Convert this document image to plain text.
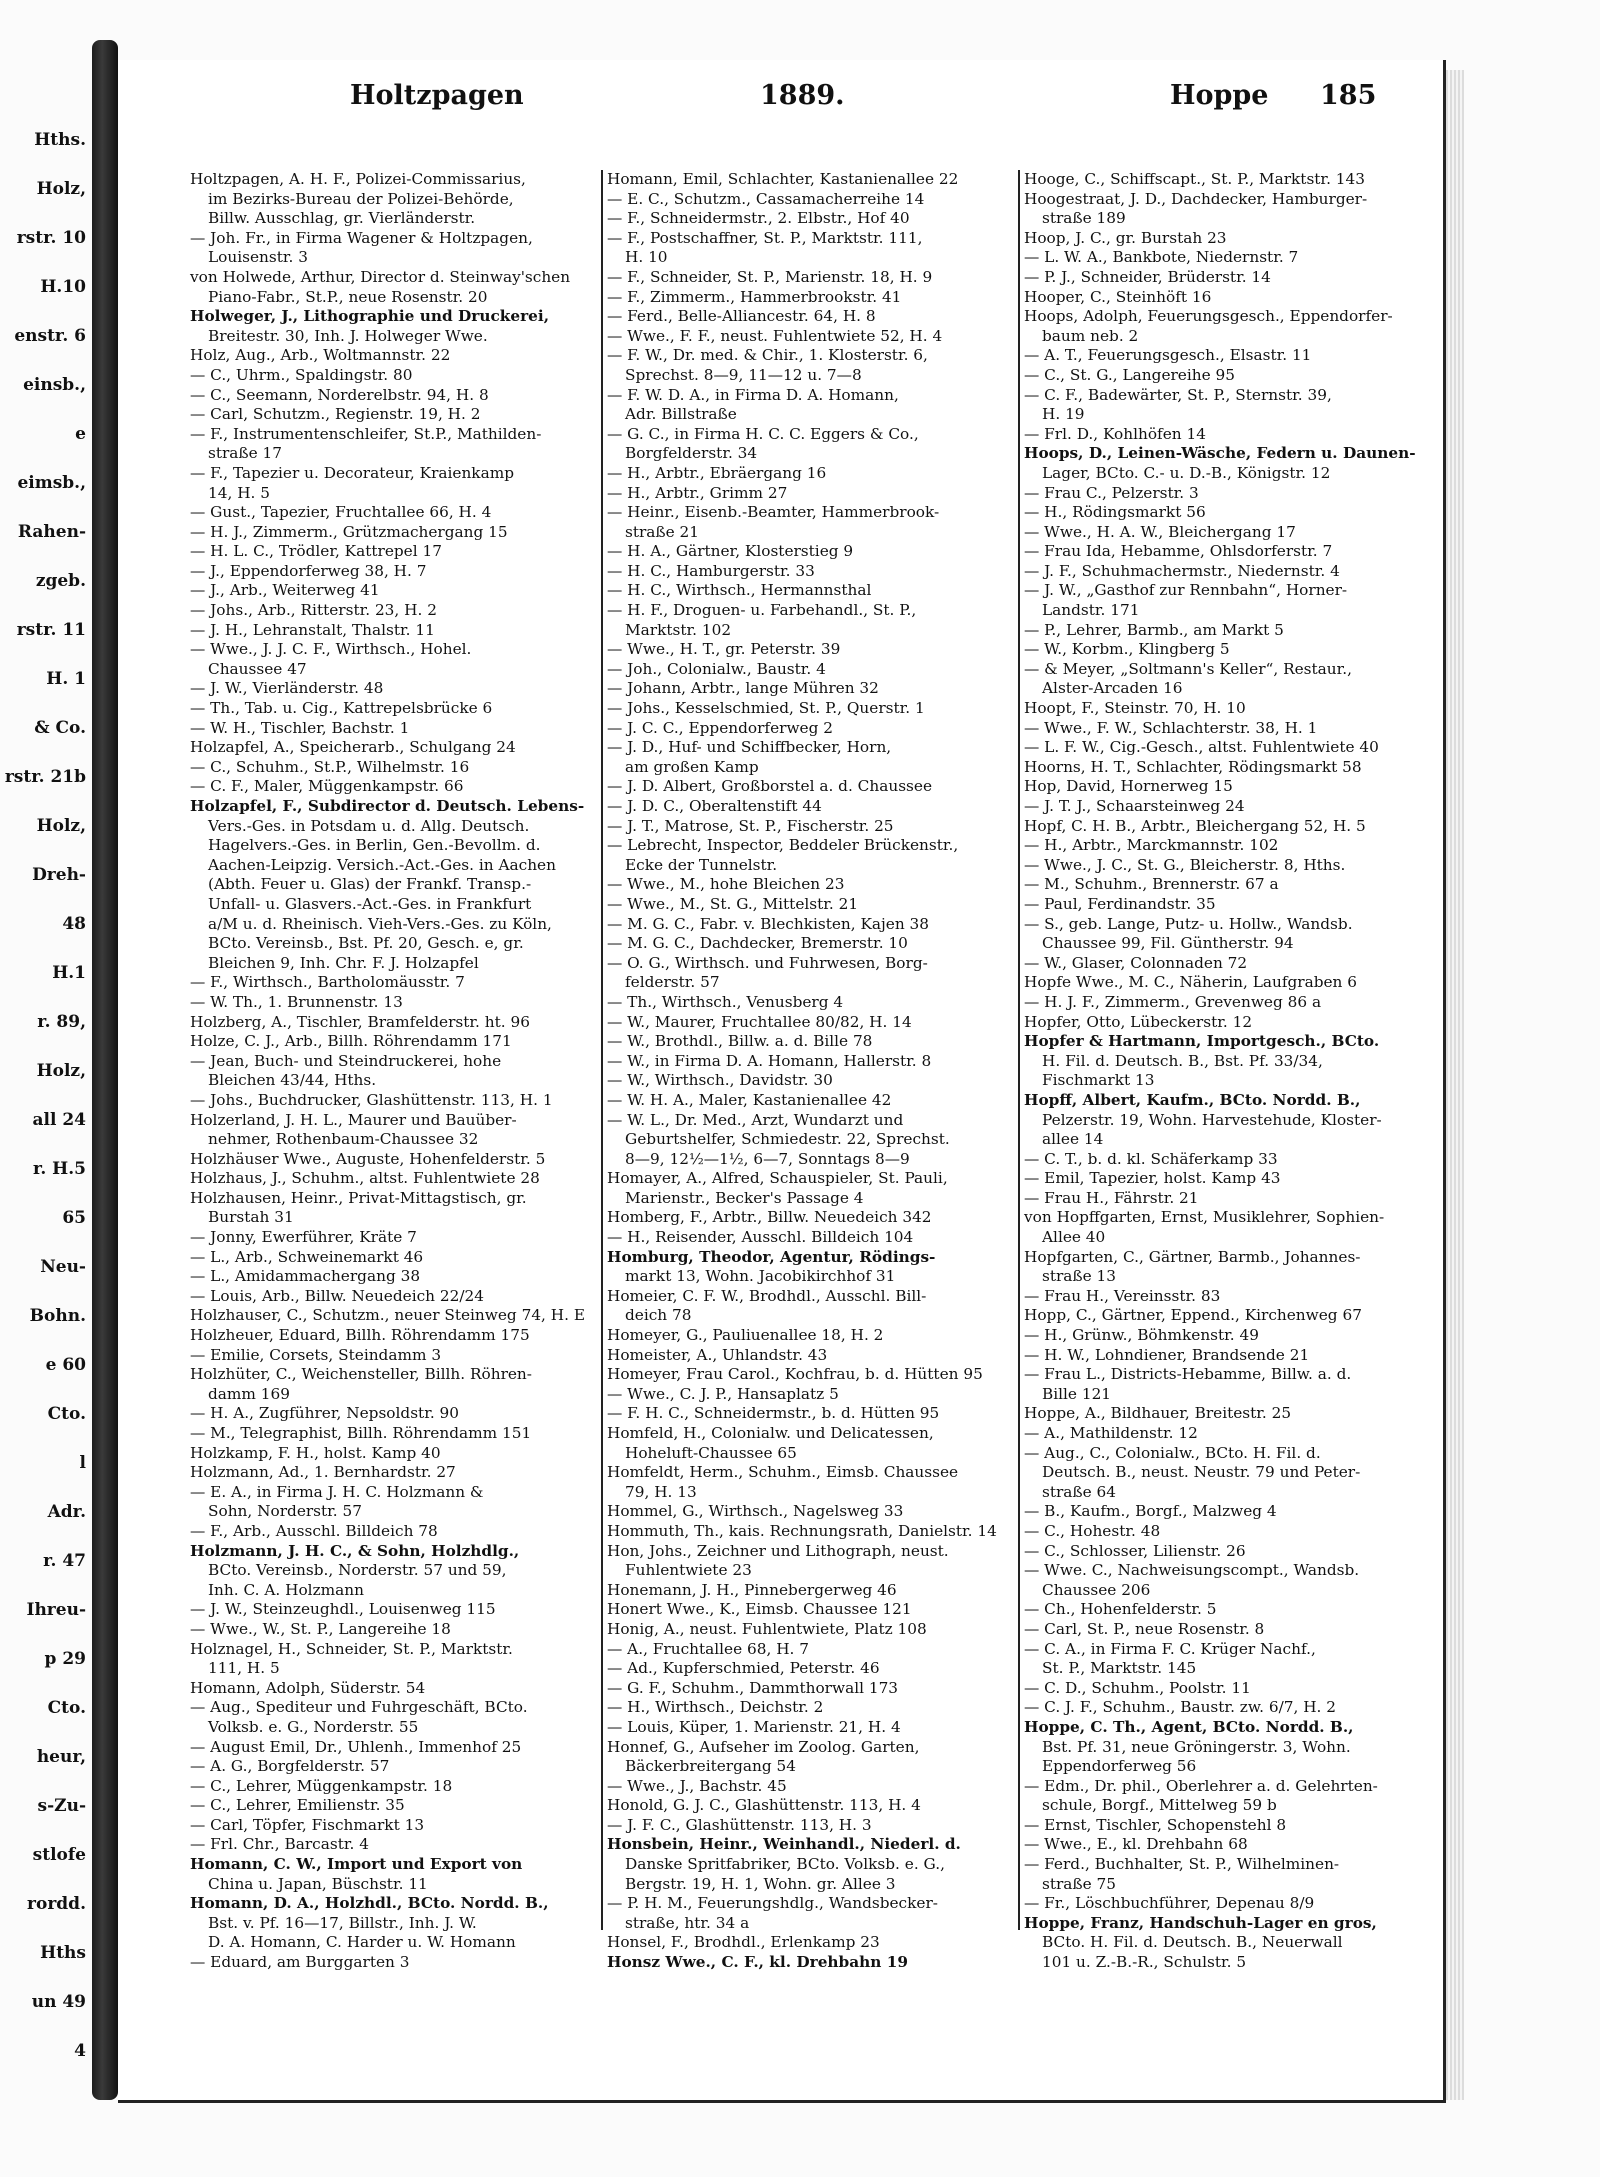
Hths.
Holz,
rstr. 10
H.10
enstr. 6
einsb.,
e
eimsb.,
Rahen-
zgeb.
rstr. 11
H. 1
& Co.
rstr. 21b
Holz,
Dreh-
48
H.1
r. 89,
Holz,
all 24
r. H.5
65
Neu-
Bohn.
e 60
Cto.
l
Adr.
r. 47
Ihreu-
p 29
Cto.
heur,
s-Zu-
stlofe
rordd.
Hths
un 49
4
Holtzpagen	1889.	Hoppe 185
Holtzpagen, A. H. F., Polizei-Commissarius,
im Bezirks-Bureau der Polizei-Behörde,
Billw. Ausschlag, gr. Vierländerstr.
— Joh. Fr., in Firma Wagener & Holtzpagen,
Louisenstr. 3
von Holwede, Arthur, Director d. Steinway'schen
Piano-Fabr., St.P., neue Rosenstr. 20
Holweger, J., Lithographie und Druckerei,
Breitestr. 30, Inh. J. Holweger Wwe.
Holz, Aug., Arb., Woltmannstr. 22
— C., Uhrm., Spaldingstr. 80
— C., Seemann, Norderelbstr. 94, H. 8
— Carl, Schutzm., Regienstr. 19, H. 2
— F., Instrumentenschleifer, St.P., Mathilden-
straße 17
— F., Tapezier u. Decorateur, Kraienkamp
14, H. 5
— Gust., Tapezier, Fruchtallee 66, H. 4
— H. J., Zimmerm., Grützmachergang 15
— H. L. C., Trödler, Kattrepel 17
— J., Eppendorferweg 38, H. 7
— J., Arb., Weiterweg 41
— Johs., Arb., Ritterstr. 23, H. 2
— J. H., Lehranstalt, Thalstr. 11
— Wwe., J. J. C. F., Wirthsch., Hohel.
Chaussee 47
— J. W., Vierländerstr. 48
— Th., Tab. u. Cig., Kattrepelsbrücke 6
— W. H., Tischler, Bachstr. 1
Holzapfel, A., Speicherarb., Schulgang 24
— C., Schuhm., St.P., Wilhelmstr. 16
— C. F., Maler, Müggenkampstr. 66
Holzapfel, F., Subdirector d. Deutsch. Lebens-
Vers.-Ges. in Potsdam u. d. Allg. Deutsch.
Hagelvers.-Ges. in Berlin, Gen.-Bevollm. d.
Aachen-Leipzig. Versich.-Act.-Ges. in Aachen
(Abth. Feuer u. Glas) der Frankf. Transp.-
Unfall- u. Glasvers.-Act.-Ges. in Frankfurt
a/M u. d. Rheinisch. Vieh-Vers.-Ges. zu Köln,
BCto. Vereinsb., Bst. Pf. 20, Gesch. e, gr.
Bleichen 9, Inh. Chr. F. J. Holzapfel
— F., Wirthsch., Bartholomäusstr. 7
— W. Th., 1. Brunnenstr. 13
Holzberg, A., Tischler, Bramfelderstr. ht. 96
Holze, C. J., Arb., Billh. Röhrendamm 171
— Jean, Buch- und Steindruckerei, hohe
Bleichen 43/44, Hths.
— Johs., Buchdrucker, Glashüttenstr. 113, H. 1
Holzerland, J. H. L., Maurer und Bauüber-
nehmer, Rothenbaum-Chaussee 32
Holzhäuser Wwe., Auguste, Hohenfelderstr. 5
Holzhaus, J., Schuhm., altst. Fuhlentwiete 28
Holzhausen, Heinr., Privat-Mittagstisch, gr.
Burstah 31
— Jonny, Ewerführer, Kräte 7
— L., Arb., Schweinemarkt 46
— L., Amidammachergang 38
— Louis, Arb., Billw. Neuedeich 22/24
Holzhauser, C., Schutzm., neuer Steinweg 74, H. E
Holzheuer, Eduard, Billh. Röhrendamm 175
— Emilie, Corsets, Steindamm 3
Holzhüter, C., Weichensteller, Billh. Röhren-
damm 169
— H. A., Zugführer, Nepsoldstr. 90
— M., Telegraphist, Billh. Röhrendamm 151
Holzkamp, F. H., holst. Kamp 40
Holzmann, Ad., 1. Bernhardstr. 27
— E. A., in Firma J. H. C. Holzmann &
Sohn, Norderstr. 57
— F., Arb., Ausschl. Billdeich 78
Holzmann, J. H. C., & Sohn, Holzhdlg.,
BCto. Vereinsb., Norderstr. 57 und 59,
Inh. C. A. Holzmann
— J. W., Steinzeughdl., Louisenweg 115
— Wwe., W., St. P., Langereihe 18
Holznagel, H., Schneider, St. P., Marktstr.
111, H. 5
Homann, Adolph, Süderstr. 54
— Aug., Spediteur und Fuhrgeschäft, BCto.
Volksb. e. G., Norderstr. 55
— August Emil, Dr., Uhlenh., Immenhof 25
— A. G., Borgfelderstr. 57
— C., Lehrer, Müggenkampstr. 18
— C., Lehrer, Emilienstr. 35
— Carl, Töpfer, Fischmarkt 13
— Frl. Chr., Barcastr. 4
Homann, C. W., Import und Export von
China u. Japan, Büschstr. 11
Homann, D. A., Holzhdl., BCto. Nordd. B.,
Bst. v. Pf. 16—17, Billstr., Inh. J. W.
D. A. Homann, C. Harder u. W. Homann
— Eduard, am Burggarten 3
Homann, Emil, Schlachter, Kastanienallee 22
— E. C., Schutzm., Cassamacherreihe 14
— F., Schneidermstr., 2. Elbstr., Hof 40
— F., Postschaffner, St. P., Marktstr. 111,
H. 10
— F., Schneider, St. P., Marienstr. 18, H. 9
— F., Zimmerm., Hammerbrookstr. 41
— Ferd., Belle-Alliancestr. 64, H. 8
— Wwe., F. F., neust. Fuhlentwiete 52, H. 4
— F. W., Dr. med. & Chir., 1. Klosterstr. 6,
Sprechst. 8—9, 11—12 u. 7—8
— F. W. D. A., in Firma D. A. Homann,
Adr. Billstraße
— G. C., in Firma H. C. C. Eggers & Co.,
Borgfelderstr. 34
— H., Arbtr., Ebräergang 16
— H., Arbtr., Grimm 27
— Heinr., Eisenb.-Beamter, Hammerbrook-
straße 21
— H. A., Gärtner, Klosterstieg 9
— H. C., Hamburgerstr. 33
— H. C., Wirthsch., Hermannsthal
— H. F., Droguen- u. Farbehandl., St. P.,
Marktstr. 102
— Wwe., H. T., gr. Peterstr. 39
— Joh., Colonialw., Baustr. 4
— Johann, Arbtr., lange Mühren 32
— Johs., Kesselschmied, St. P., Querstr. 1
— J. C. C., Eppendorferweg 2
— J. D., Huf- und Schiffbecker, Horn,
am großen Kamp
— J. D. Albert, Großborstel a. d. Chaussee
— J. D. C., Oberaltenstift 44
— J. T., Matrose, St. P., Fischerstr. 25
— Lebrecht, Inspector, Beddeler Brückenstr.,
Ecke der Tunnelstr.
— Wwe., M., hohe Bleichen 23
— Wwe., M., St. G., Mittelstr. 21
— M. G. C., Fabr. v. Blechkisten, Kajen 38
— M. G. C., Dachdecker, Bremerstr. 10
— O. G., Wirthsch. und Fuhrwesen, Borg-
felderstr. 57
— Th., Wirthsch., Venusberg 4
— W., Maurer, Fruchtallee 80/82, H. 14
— W., Brothdl., Billw. a. d. Bille 78
— W., in Firma D. A. Homann, Hallerstr. 8
— W., Wirthsch., Davidstr. 30
— W. H. A., Maler, Kastanienallee 42
— W. L., Dr. Med., Arzt, Wundarzt und
Geburtshelfer, Schmiedestr. 22, Sprechst.
8—9, 12½—1½, 6—7, Sonntags 8—9
Homayer, A., Alfred, Schauspieler, St. Pauli,
Marienstr., Becker's Passage 4
Homberg, F., Arbtr., Billw. Neuedeich 342
— H., Reisender, Ausschl. Billdeich 104
Homburg, Theodor, Agentur, Rödings-
markt 13, Wohn. Jacobikirchhof 31
Homeier, C. F. W., Brodhdl., Ausschl. Bill-
deich 78
Homeyer, G., Pauliuenallee 18, H. 2
Homeister, A., Uhlandstr. 43
Homeyer, Frau Carol., Kochfrau, b. d. Hütten 95
— Wwe., C. J. P., Hansaplatz 5
— F. H. C., Schneidermstr., b. d. Hütten 95
Homfeld, H., Colonialw. und Delicatessen,
Hoheluft-Chaussee 65
Homfeldt, Herm., Schuhm., Eimsb. Chaussee
79, H. 13
Hommel, G., Wirthsch., Nagelsweg 33
Hommuth, Th., kais. Rechnungsrath, Danielstr. 14
Hon, Johs., Zeichner und Lithograph, neust.
Fuhlentwiete 23
Honemann, J. H., Pinnebergerweg 46
Honert Wwe., K., Eimsb. Chaussee 121
Honig, A., neust. Fuhlentwiete, Platz 108
— A., Fruchtallee 68, H. 7
— Ad., Kupferschmied, Peterstr. 46
— G. F., Schuhm., Dammthorwall 173
— H., Wirthsch., Deichstr. 2
— Louis, Küper, 1. Marienstr. 21, H. 4
Honnef, G., Aufseher im Zoolog. Garten,
Bäckerbreitergang 54
— Wwe., J., Bachstr. 45
Honold, G. J. C., Glashüttenstr. 113, H. 4
— J. F. C., Glashüttenstr. 113, H. 3
Honsbein, Heinr., Weinhandl., Niederl. d.
Danske Spritfabriker, BCto. Volksb. e. G.,
Bergstr. 19, H. 1, Wohn. gr. Allee 3
— P. H. M., Feuerungshdlg., Wandsbecker-
straße, htr. 34 a
Honsel, F., Brodhdl., Erlenkamp 23
Honsz Wwe., C. F., kl. Drehbahn 19
Hooge, C., Schiffscapt., St. P., Marktstr. 143
Hoogestraat, J. D., Dachdecker, Hamburger-
straße 189
Hoop, J. C., gr. Burstah 23
— L. W. A., Bankbote, Niedernstr. 7
— P. J., Schneider, Brüderstr. 14
Hooper, C., Steinhöft 16
Hoops, Adolph, Feuerungsgesch., Eppendorfer-
baum neb. 2
— A. T., Feuerungsgesch., Elsastr. 11
— C., St. G., Langereihe 95
— C. F., Badewärter, St. P., Sternstr. 39,
H. 19
— Frl. D., Kohlhöfen 14
Hoops, D., Leinen-Wäsche, Federn u. Daunen-
Lager, BCto. C.- u. D.-B., Königstr. 12
— Frau C., Pelzerstr. 3
— H., Rödingsmarkt 56
— Wwe., H. A. W., Bleichergang 17
— Frau Ida, Hebamme, Ohlsdorferstr. 7
— J. F., Schuhmachermstr., Niedernstr. 4
— J. W., „Gasthof zur Rennbahn“, Horner-
Landstr. 171
— P., Lehrer, Barmb., am Markt 5
— W., Korbm., Klingberg 5
— & Meyer, „Soltmann's Keller“, Restaur.,
Alster-Arcaden 16
Hoopt, F., Steinstr. 70, H. 10
— Wwe., F. W., Schlachterstr. 38, H. 1
— L. F. W., Cig.-Gesch., altst. Fuhlentwiete 40
Hoorns, H. T., Schlachter, Rödingsmarkt 58
Hop, David, Hornerweg 15
— J. T. J., Schaarsteinweg 24
Hopf, C. H. B., Arbtr., Bleichergang 52, H. 5
— H., Arbtr., Marckmannstr. 102
— Wwe., J. C., St. G., Bleicherstr. 8, Hths.
— M., Schuhm., Brennerstr. 67 a
— Paul, Ferdinandstr. 35
— S., geb. Lange, Putz- u. Hollw., Wandsb.
Chaussee 99, Fil. Güntherstr. 94
— W., Glaser, Colonnaden 72
Hopfe Wwe., M. C., Näherin, Laufgraben 6
— H. J. F., Zimmerm., Grevenweg 86 a
Hopfer, Otto, Lübeckerstr. 12
Hopfer & Hartmann, Importgesch., BCto.
H. Fil. d. Deutsch. B., Bst. Pf. 33/34,
Fischmarkt 13
Hopff, Albert, Kaufm., BCto. Nordd. B.,
Pelzerstr. 19, Wohn. Harvestehude, Kloster-
allee 14
— C. T., b. d. kl. Schäferkamp 33
— Emil, Tapezier, holst. Kamp 43
— Frau H., Fährstr. 21
von Hopffgarten, Ernst, Musiklehrer, Sophien-
Allee 40
Hopfgarten, C., Gärtner, Barmb., Johannes-
straße 13
— Frau H., Vereinsstr. 83
Hopp, C., Gärtner, Eppend., Kirchenweg 67
— H., Grünw., Böhmkenstr. 49
— H. W., Lohndiener, Brandsende 21
— Frau L., Districts-Hebamme, Billw. a. d.
Bille 121
Hoppe, A., Bildhauer, Breitestr. 25
— A., Mathildenstr. 12
— Aug., C., Colonialw., BCto. H. Fil. d.
Deutsch. B., neust. Neustr. 79 und Peter-
straße 64
— B., Kaufm., Borgf., Malzweg 4
— C., Hohestr. 48
— C., Schlosser, Lilienstr. 26
— Wwe. C., Nachweisungscompt., Wandsb.
Chaussee 206
— Ch., Hohenfelderstr. 5
— Carl, St. P., neue Rosenstr. 8
— C. A., in Firma F. C. Krüger Nachf.,
St. P., Marktstr. 145
— C. D., Schuhm., Poolstr. 11
— C. J. F., Schuhm., Baustr. zw. 6/7, H. 2
Hoppe, C. Th., Agent, BCto. Nordd. B.,
Bst. Pf. 31, neue Gröningerstr. 3, Wohn.
Eppendorferweg 56
— Edm., Dr. phil., Oberlehrer a. d. Gelehrten-
schule, Borgf., Mittelweg 59 b
— Ernst, Tischler, Schopenstehl 8
— Wwe., E., kl. Drehbahn 68
— Ferd., Buchhalter, St. P., Wilhelminen-
straße 75
— Fr., Löschbuchführer, Depenau 8/9
Hoppe, Franz, Handschuh-Lager en gros,
BCto. H. Fil. d. Deutsch. B., Neuerwall
101 u. Z.-B.-R., Schulstr. 5
